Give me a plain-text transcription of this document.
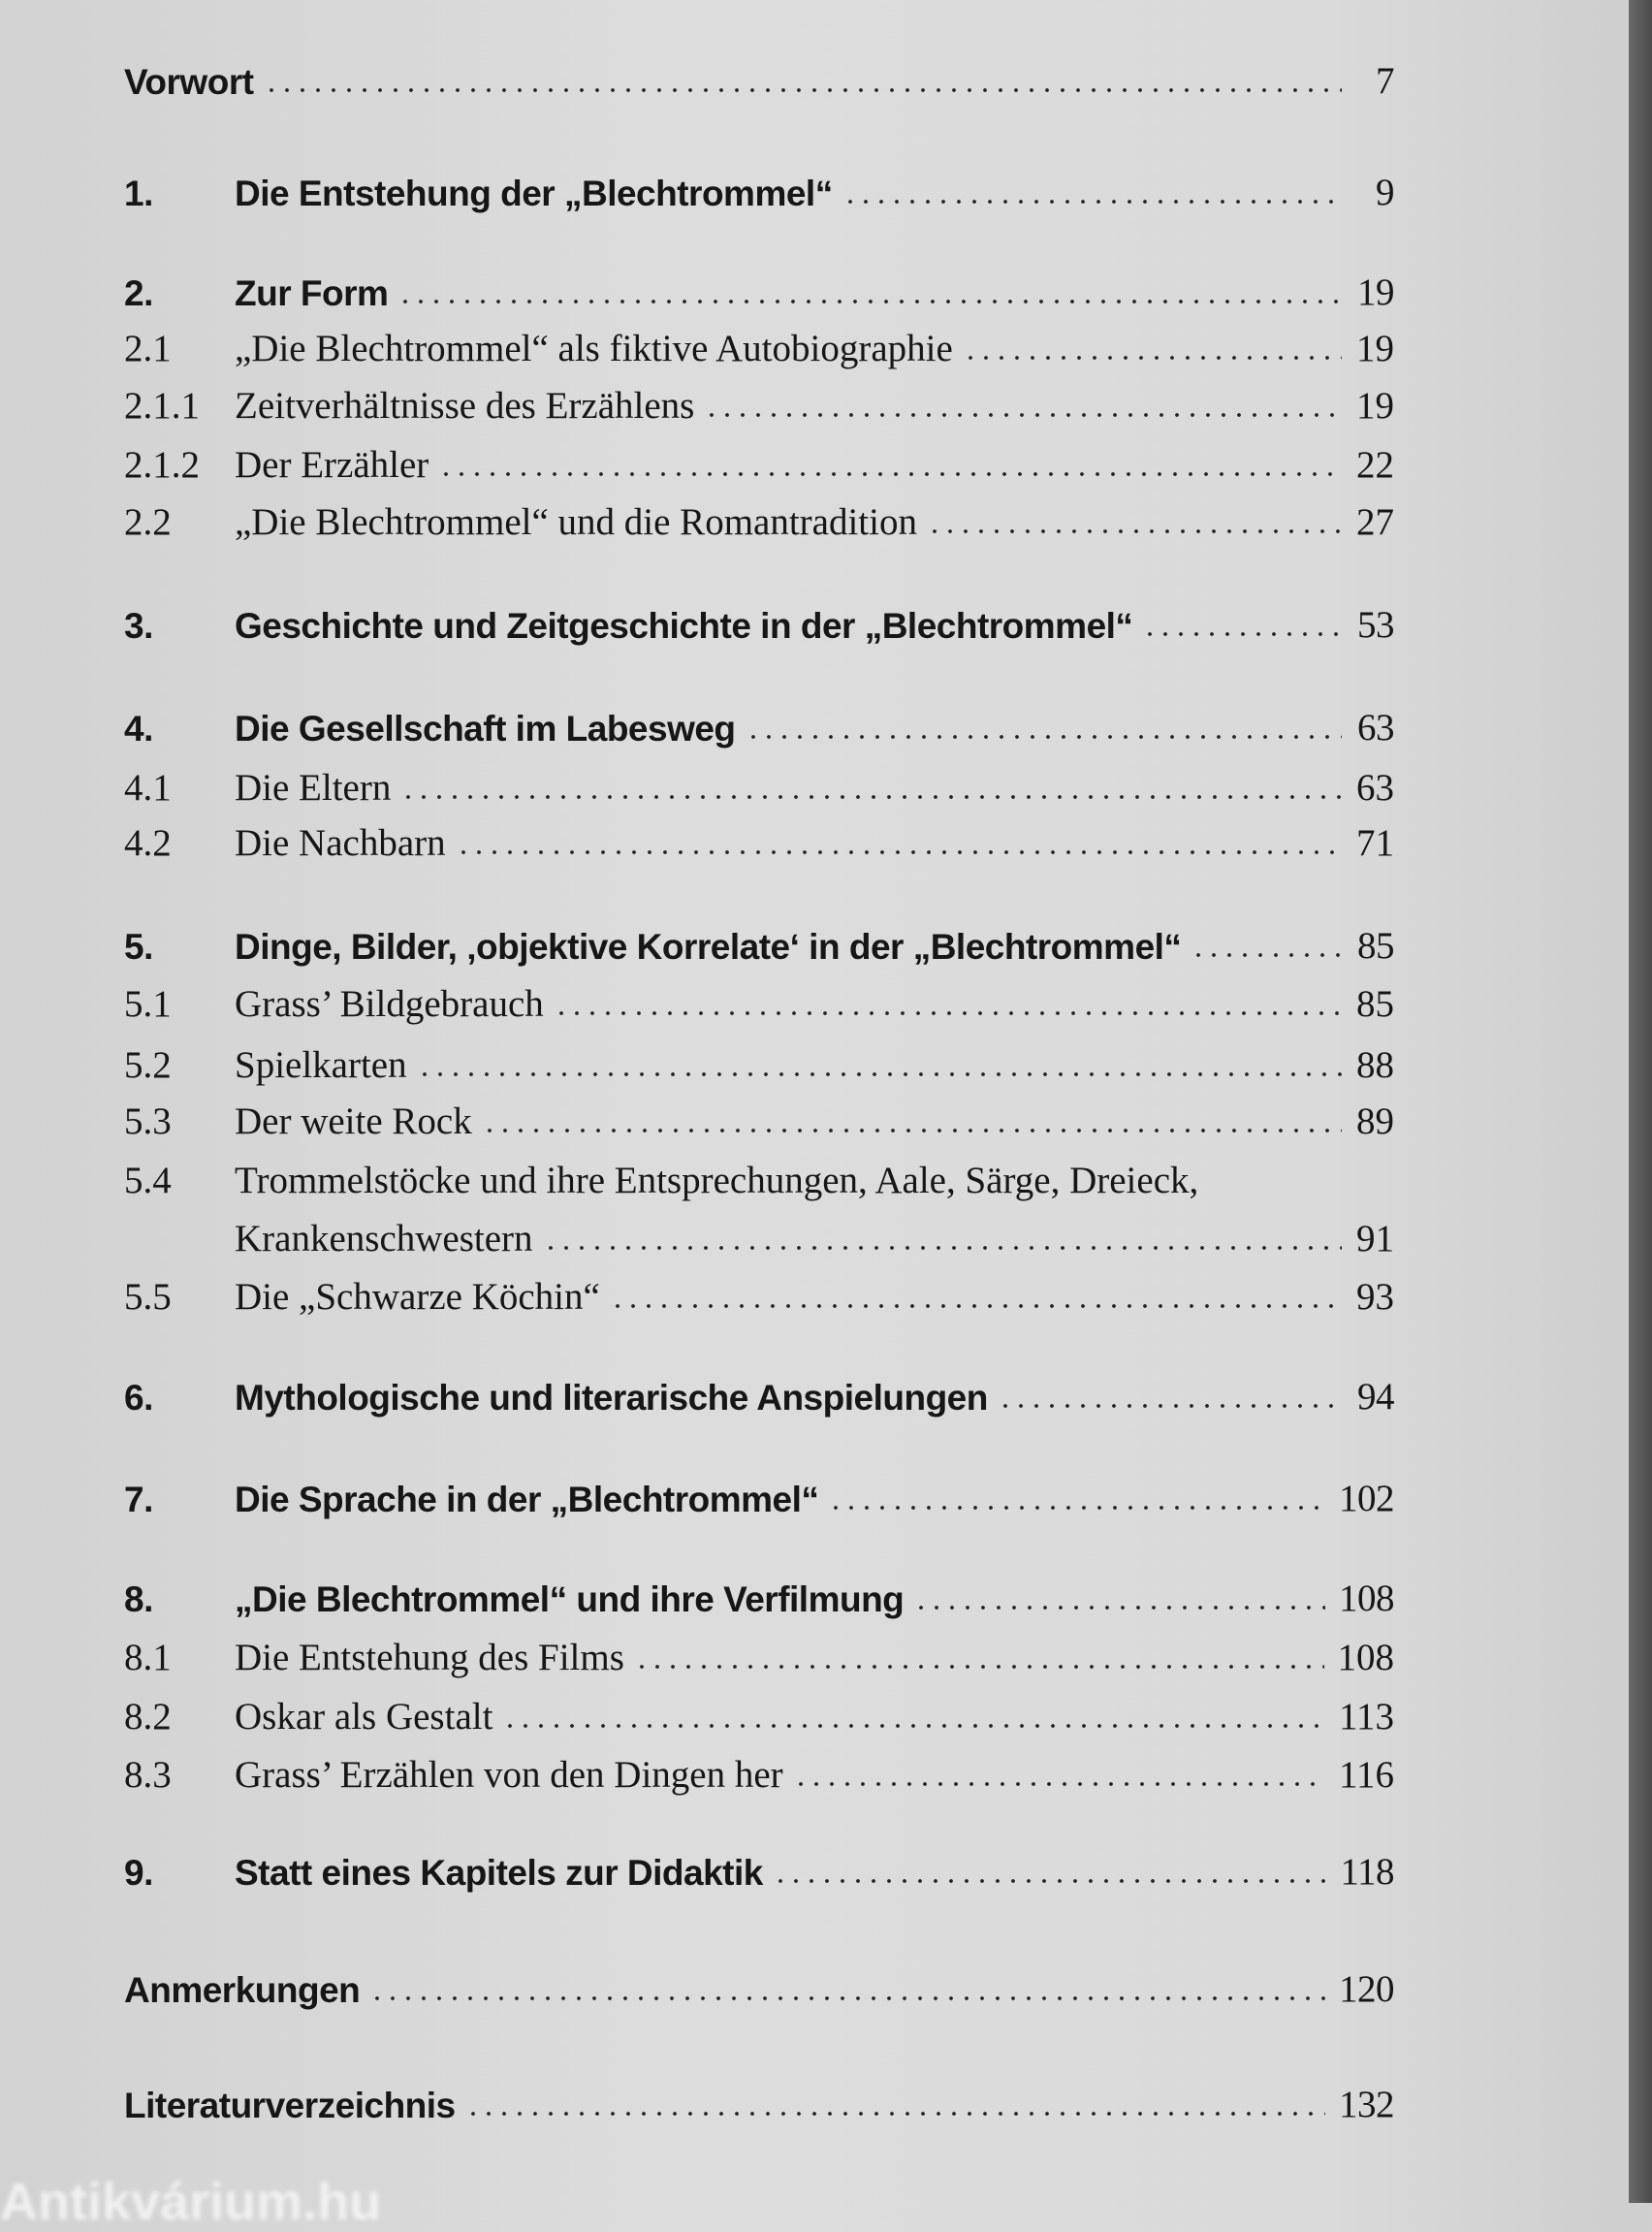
Vorwort	7
1.	Die Entstehung der „Blechtrommel“	9
2.	Zur Form	19
2.1	„Die Blechtrommel“ als fiktive Autobiographie	19
2.1.1 Zeitverhältnisse des Erzählens	19
2.1.2 Der Erzähler	22
2.2	„Die Blechtrommel“ und die Romantradition	27
3.	Geschichte und Zeitgeschichte in der „Blechtrommel“	53
4.	Die Gesellschaft im Labesweg	63
4.1	Die Eltern	63
4.2	Die Nachbarn	71
5.	Dinge, Bilder, ‚objektive Korrelate‘ in der „Blechtrommel“	85
5.1	Grass’ Bildgebrauch	85
5.2	Spielkarten	88
5.3	Der weite Rock	89
5.4	Trommelstöcke und ihre Entsprechungen, Aale, Särge, Dreieck,
Krankenschwestern	91
5.5	Die „Schwarze Köchin“	93
6.	Mythologische und literarische Anspielungen	94
7.	Die Sprache in der „Blechtrommel“	102
8.	„Die Blechtrommel“ und ihre Verfilmung	108
8.1	Die Entstehung des Films	108
8.2	Oskar als Gestalt	113
8.3	Grass’ Erzählen von den Dingen her	116
9.	Statt eines Kapitels zur Didaktik	118
Anmerkungen	120
Literaturverzeichnis	132
Antikvárium.hu
